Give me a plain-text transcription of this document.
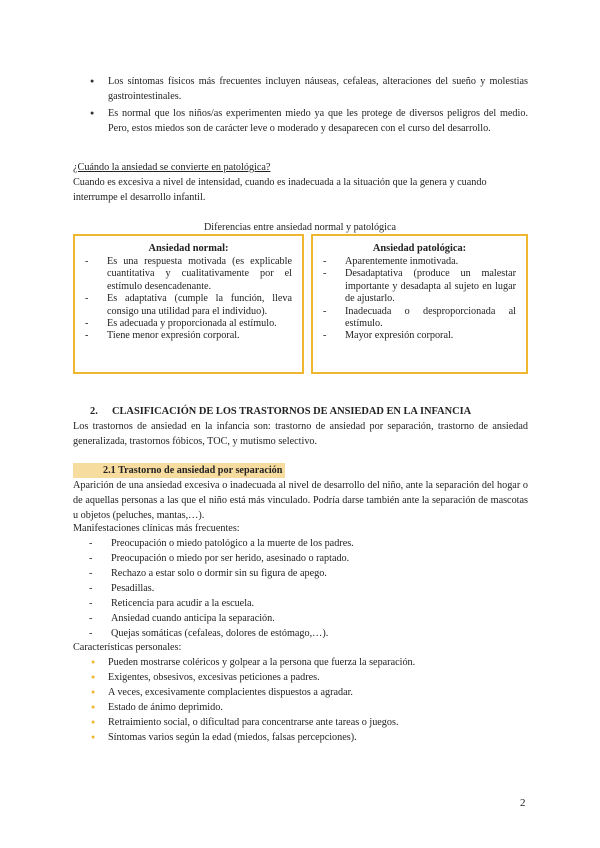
Los síntomas físicos más frecuentes incluyen náuseas, cefaleas, alteraciones del sueño y molestias gastrointestinales.
Es normal que los niños/as experimenten miedo ya que les protege de diversos peligros del medio. Pero, estos miedos son de carácter leve o moderado y desaparecen con el curso del desarrollo.
¿Cuándo la ansiedad se convierte en patológica?
Cuando es excesiva a nivel de intensidad, cuando es inadecuada a la situación que la genera y cuando interrumpe el desarrollo infantil.
Diferencias entre ansiedad normal y patológica
Ansiedad normal:
- Es una respuesta motivada (es explicable cuantitativa y cualitativamente por el estímulo desencadenante.
- Es adaptativa (cumple la función, lleva consigo una utilidad para el individuo).
- Es adecuada y proporcionada al estímulo.
- Tiene menor expresión corporal.
Ansiedad patológica:
- Aparentemente inmotivada.
- Desadaptativa (produce un malestar importante y desadapta al sujeto en lugar de ajustarlo.
- Inadecuada o desproporcionada al estímulo.
- Mayor expresión corporal.
2. CLASIFICACIÓN DE LOS TRASTORNOS DE ANSIEDAD EN LA INFANCIA
Los trastornos de ansiedad en la infancia son: trastorno de ansiedad por separación, trastorno de ansiedad generalizada, trastornos fóbicos, TOC, y mutismo selectivo.
2.1 Trastorno de ansiedad por separación
Aparición de una ansiedad excesiva o inadecuada al nivel de desarrollo del niño, ante la separación del hogar o de aquellas personas a las que el niño está más vinculado. Podría darse también ante la separación de mascotas u objetos (peluches, mantas,…).
Manifestaciones clínicas más frecuentes:
- Preocupación o miedo patológico a la muerte de los padres.
- Preocupación o miedo por ser herido, asesinado o raptado.
- Rechazo a estar solo o dormir sin su figura de apego.
- Pesadillas.
- Reticencia para acudir a la escuela.
- Ansiedad cuando anticipa la separación.
- Quejas somáticas (cefaleas, dolores de estómago,…).
Características personales:
Pueden mostrarse coléricos y golpear a la persona que fuerza la separación.
Exigentes, obsesivos, excesivas peticiones a padres.
A veces, excesivamente complacientes dispuestos a agradar.
Estado de ánimo deprimido.
Retraimiento social, o dificultad para concentrarse ante tareas o juegos.
Síntomas varios según la edad (miedos, falsas percepciones).
2
